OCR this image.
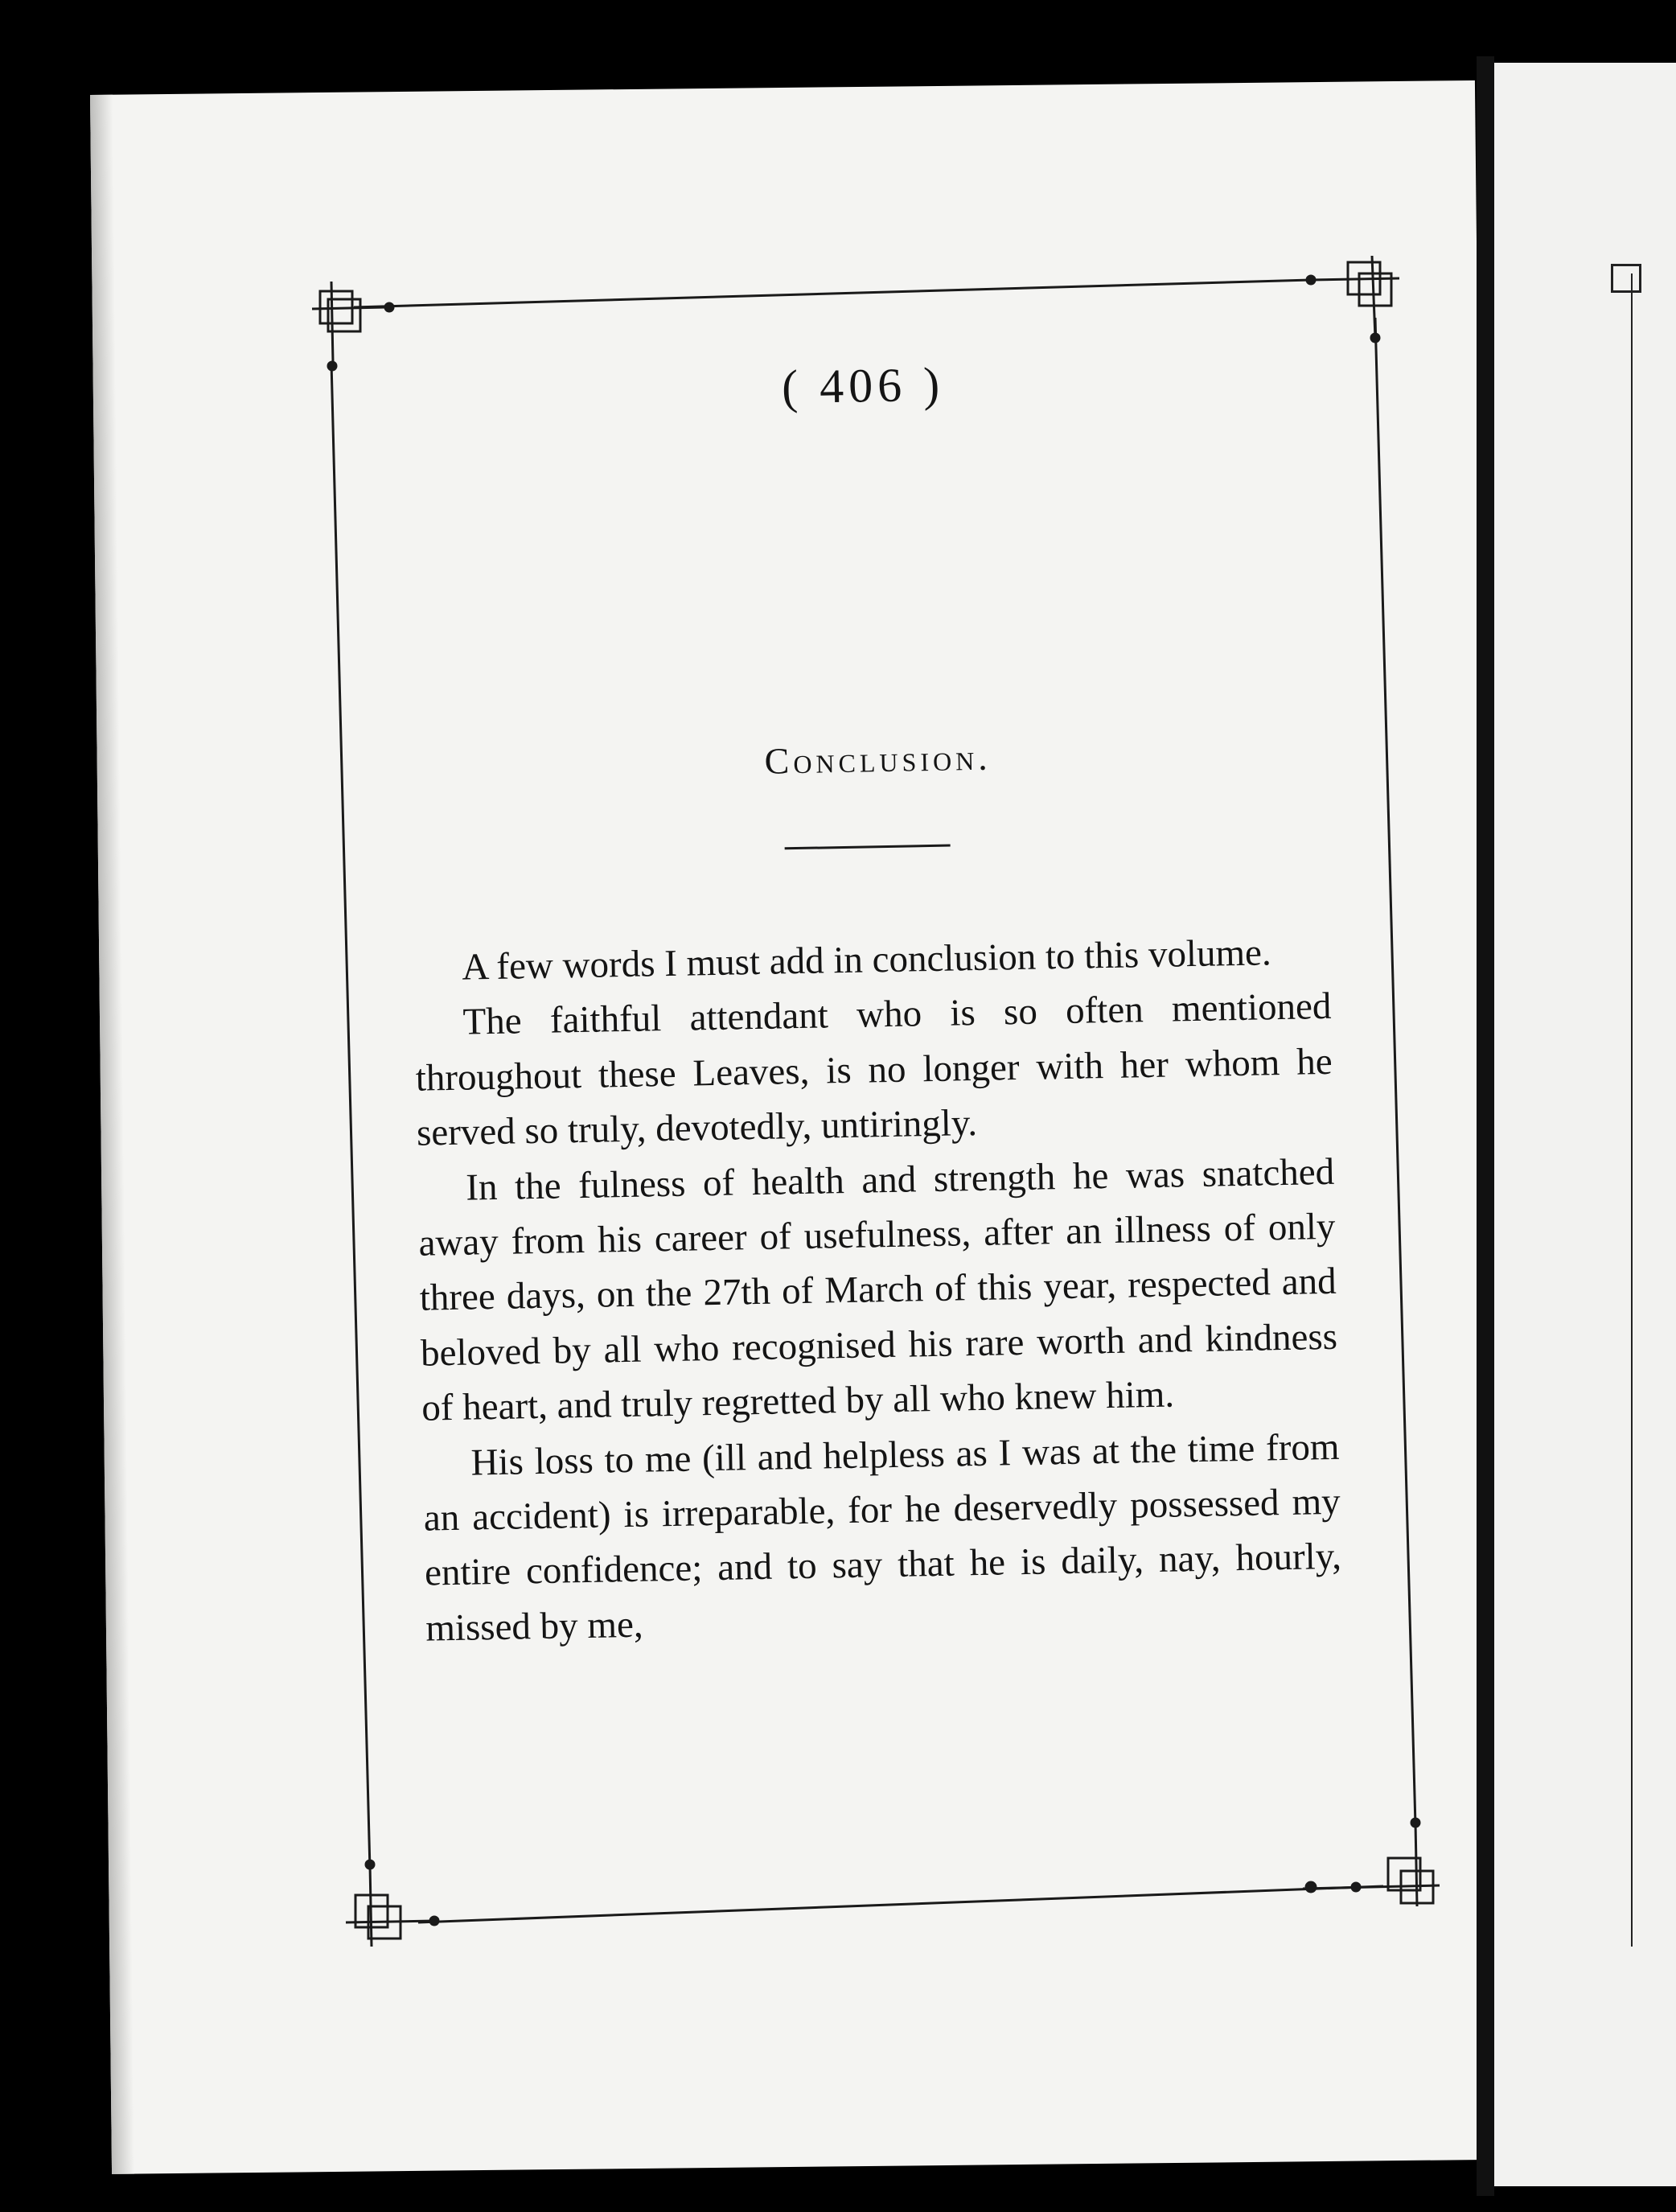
( 406 )
Conclusion.

A few words I must add in conclusion to this volume.

The faithful attendant who is so often mentioned throughout these Leaves, is no longer with her whom he served so truly, devotedly, untiringly.

In the fulness of health and strength he was snatched away from his career of usefulness, after an illness of only three days, on the 27th of March of this year, respected and beloved by all who recognised his rare worth and kindness of heart, and truly regretted by all who knew him.

His loss to me (ill and helpless as I was at the time from an accident) is irreparable, for he deservedly possessed my entire confidence; and to say that he is daily, nay, hourly, missed by me,
